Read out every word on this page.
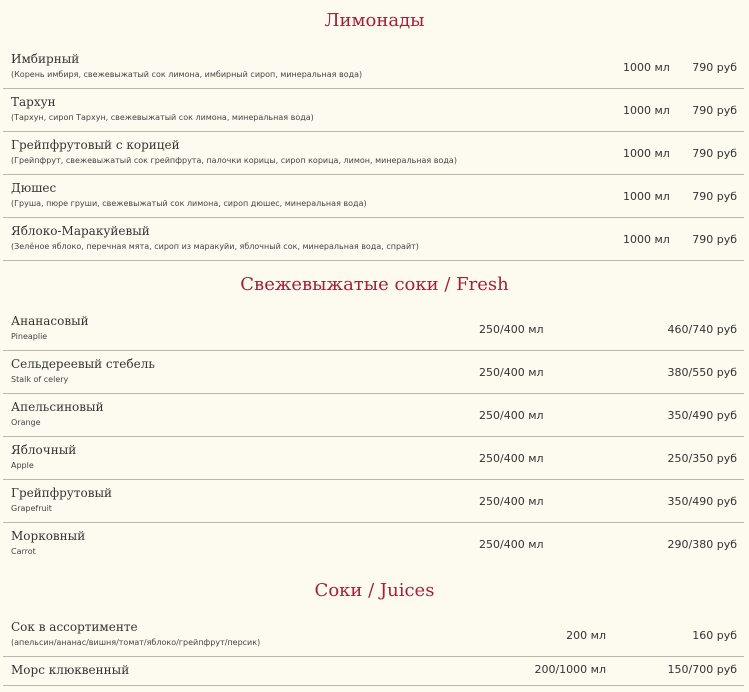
Лимонады
Имбирный
(Корень имбиря, свежевыжатый сок лимона, имбирный сироп, минеральная вода)
1000 мл 790 руб
Тархун
(Тархун, сироп Тархун, свежевыжатый сок лимона, минеральная вода)
1000 мл 790 руб
Грейпфрутовый с корицей
(Грейпфрут, свежевыжатый сок грейпфрута, палочки корицы, сироп корица, лимон, минеральная вода)
1000 мл 790 руб
Дюшес
(Груша, пюре груши, свежевыжатый сок лимона, сироп дюшес, минеральная вода)
1000 мл 790 руб
Яблоко-Маракуйевый
(Зелёное яблоко, перечная мята, сироп из маракуйи, яблочный сок, минеральная вода, спрайт)
1000 мл 790 руб
Свежевыжатые соки / Fresh
Ананасовый
Pineaplie
250/400 мл	460/740 руб
Сельдереевый стебель
Stalk of celery
250/400 мл	380/550 руб
Апельсиновый
Orange
250/400 мл	350/490 руб
Яблочный
Apple
250/400 мл	250/350 руб
Грейпфрутовый
Grapefruit
250/400 мл	350/490 руб
Морковный
Carrot
250/400 мл	290/380 руб
Соки / Juices
Сок в ассортименте
(апельсин/ананас/вишня/томат/яблоко/грейпфрут/персик)
200 мл	160 руб
Морс клюквенный	200/1000 мл	150/700 руб
